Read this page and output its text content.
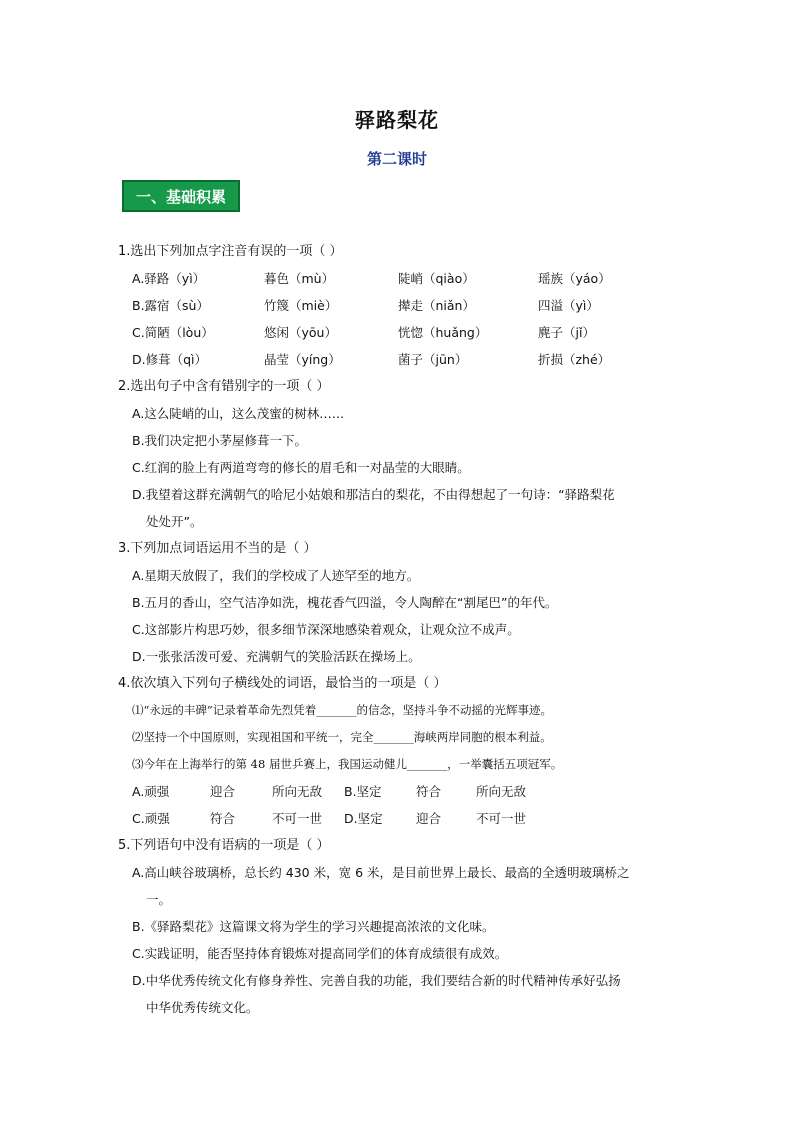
驿路梨花
第二课时
一、基础积累
1.选出下列加点字注音有误的一项（ ）
A.驿路（yì）	暮色（mù）	陡峭（qiào）	瑶族（yáo）
B.露宿（sù）	竹篾（miè）	撵走（niǎn）	四溢（yì）
C.简陋（lòu）	悠闲（yōu）	恍惚（huǎng）	麂子（jǐ）
D.修葺（qì）	晶莹（yíng）	菌子（jūn）	折损（zhé）
2.选出句子中含有错别字的一项（ ）
A.这么陡峭的山，这么茂蜜的树林……
B.我们决定把小茅屋修葺一下。
C.红润的脸上有两道弯弯的修长的眉毛和一对晶莹的大眼睛。
D.我望着这群充满朝气的哈尼小姑娘和那洁白的梨花，不由得想起了一句诗：“驿路梨花
处处开”。
3.下列加点词语运用不当的是（ ）
A.星期天放假了，我们的学校成了人迹罕至的地方。
B.五月的香山，空气洁净如洗，槐花香气四溢，令人陶醉在“割尾巴”的年代。
C.这部影片构思巧妙，很多细节深深地感染着观众，让观众泣不成声。
D.一张张活泼可爱、充满朝气的笑脸活跃在操场上。
4.依次填入下列句子横线处的词语，最恰当的一项是（ ）
⑴“永远的丰碑”记录着革命先烈凭着_______的信念，坚持斗争不动摇的光辉事迹。
⑵坚持一个中国原则，实现祖国和平统一，完全_______海峡两岸同胞的根本利益。
⑶今年在上海举行的第 48 届世乒赛上，我国运动健儿_______，一举囊括五项冠军。
A.顽强	迎合	所向无敌	B.坚定	符合	所向无敌
C.顽强	符合	不可一世	D.坚定	迎合	不可一世
5.下列语句中没有语病的一项是（ ）
A.高山峡谷玻璃桥，总长约 430 米，宽 6 米，是目前世界上最长、最高的全透明玻璃桥之
一。
B.《驿路梨花》这篇课文将为学生的学习兴趣提高浓浓的文化味。
C.实践证明，能否坚持体育锻炼对提高同学们的体育成绩很有成效。
D.中华优秀传统文化有修身养性、完善自我的功能，我们要结合新的时代精神传承好弘扬
中华优秀传统文化。
